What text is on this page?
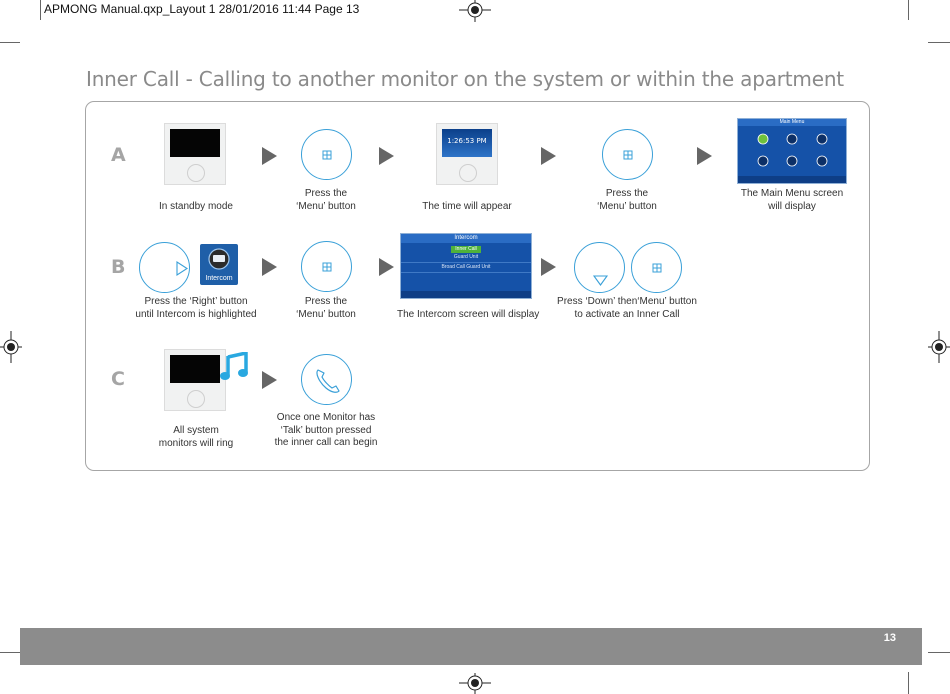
APMONG Manual.qxp_Layout 1 28/01/2016 11:44 Page 13
Inner Call - Calling to another monitor on the system or within the apartment
A
In standby mode
Press the
‘Menu’ button
1:26:53 PM
The time will appear
Press the
‘Menu’ button
Main Menu
The Main Menu screen
will display
B
Intercom
Press the ‘Right’ button
until Intercom is highlighted
Press the
‘Menu’ button
Intercom
Inner Call
Guard Unit
Broad Call Guard Unit
The Intercom screen will display
Press ‘Down’ then‘Menu’ button
to activate an Inner Call
C
All system
monitors will ring
Once one Monitor has
‘Talk’ button pressed
the inner call can begin
13
